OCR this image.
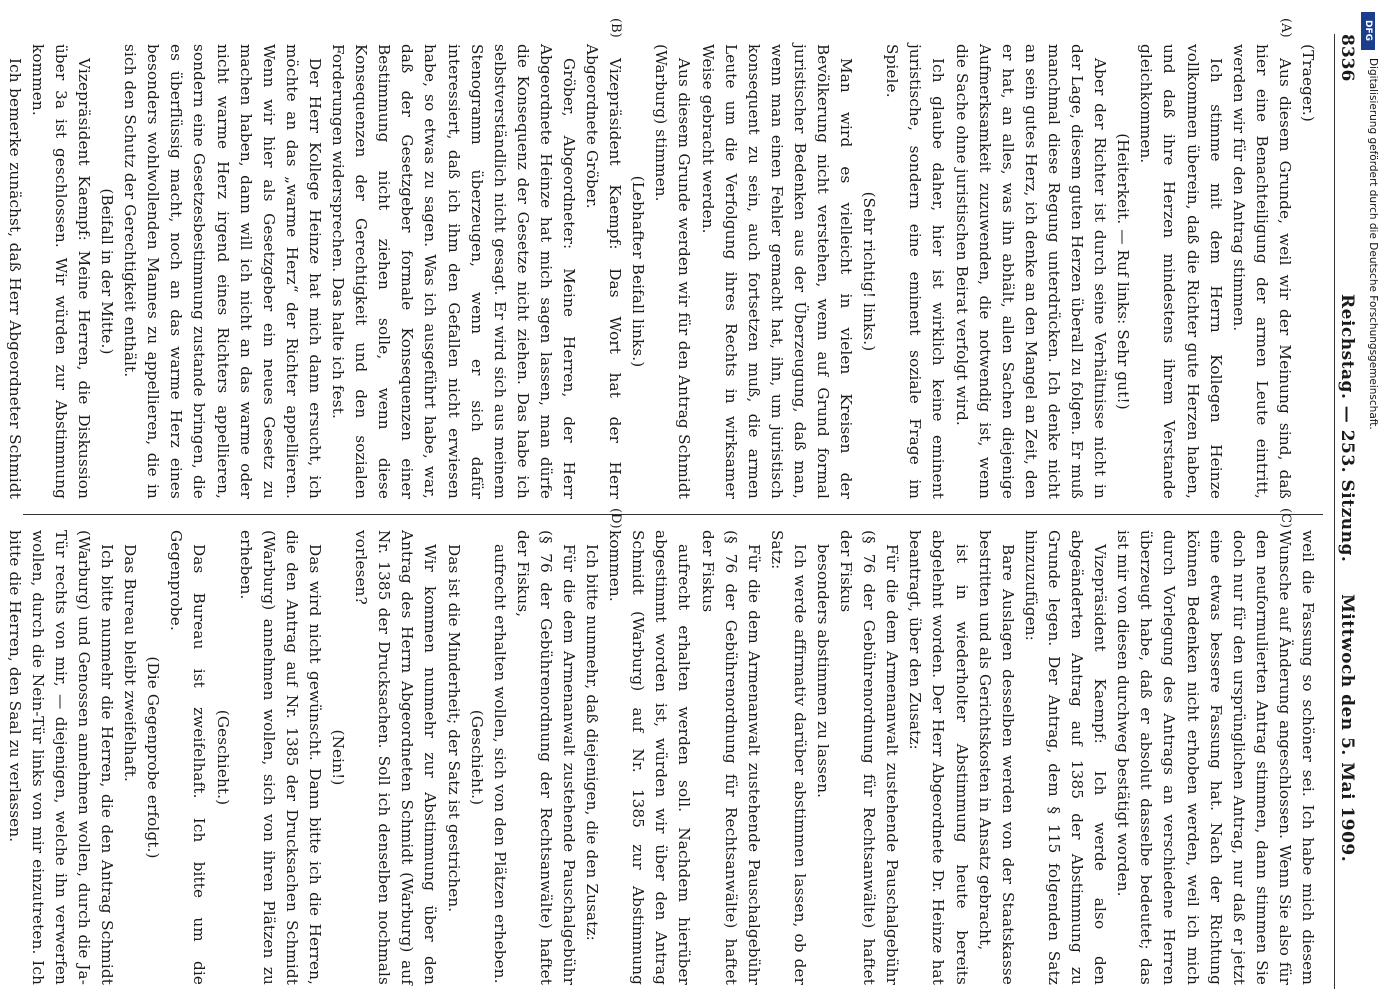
8336
Reichstag. — 253. Sitzung.
Mittwoch den 5. Mai 1909.
(A)
(B)
(C)
(D)

(Traeger.)

Aus diesem Grunde, weil wir der Meinung sind, daß hier eine Benachteiligung der armen Leute eintritt, werden wir für den Antrag stimmen.

Ich stimme mit dem Herrn Kollegen Heinze vollkommen überein, daß die Richter gute Herzen haben, und daß ihre Herzen mindestens ihrem Verstande gleichkommen.

(Heiterkeit. — Ruf links: Sehr gut!)

Aber der Richter ist durch seine Verhältnisse nicht in der Lage, diesem guten Herzen überall zu folgen. Er muß manchmal diese Regung unterdrücken. Ich denke nicht an sein gutes Herz, ich denke an den Mangel an Zeit, den er hat, an alles, was ihn abhält, allen Sachen diejenige Aufmerksamkeit zuzuwenden, die notwendig ist, wenn die Sache ohne juristischen Beirat verfolgt wird.

Ich glaube daher, hier ist wirklich keine eminent juristische, sondern eine eminent soziale Frage im Spiele.

(Sehr richtig! links.)

Man wird es vielleicht in vielen Kreisen der Bevölkerung nicht verstehen, wenn auf Grund formal juristischer Bedenken aus der Überzeugung, daß man, wenn man einen Fehler gemacht hat, ihn, um juristisch konsequent zu sein, auch fortsetzen muß, die armen Leute um die Verfolgung ihres Rechts in wirksamer Weise gebracht werden.

Aus diesem Grunde werden wir für den Antrag Schmidt (Warburg) stimmen.

(Lebhafter Beifall links.)

Vizepräsident Kaempf: Das Wort hat der Herr Abgeordnete Gröber.

Gröber, Abgeordneter: Meine Herren, der Herr Abgeordnete Heinze hat mich sagen lassen, man dürfe die Konsequenz der Gesetze nicht ziehen. Das habe ich selbstverständlich nicht gesagt. Er wird sich aus meinem Stenogramm überzeugen, wenn er sich dafür interessiert, daß ich ihm den Gefallen nicht erwiesen habe, so etwas zu sagen. Was ich ausgeführt habe, war, daß der Gesetzgeber formale Konsequenzen einer Bestimmung nicht ziehen solle, wenn diese Konsequenzen der Gerechtigkeit und den sozialen Forderungen widersprechen. Das halte ich fest.

Der Herr Kollege Heinze hat mich dann ersucht, ich möchte an das „warme Herz“ der Richter appellieren. Wenn wir hier als Gesetzgeber ein neues Gesetz zu machen haben, dann will ich nicht an das warme oder nicht warme Herz irgend eines Richters appellieren, sondern eine Gesetzesbestimmung zustande bringen, die es überflüssig macht, noch an das warme Herz eines besonders wohlwollenden Mannes zu appellieren, die in sich den Schutz der Gerechtigkeit enthält.

(Beifall in der Mitte.)

Vizepräsident Kaempf: Meine Herren, die Diskussion über 3a ist geschlossen. Wir würden zur Abstimmung kommen.

Ich bemerke zunächst, daß Herr Abgeordneter Schmidt

weil die Fassung so schöner sei. Ich habe mich diesem Wunsche auf Änderung angeschlossen. Wenn Sie also für den neuformulierten Antrag stimmen, dann stimmen Sie doch nur für den ursprünglichen Antrag, nur daß er jetzt eine etwas bessere Fassung hat. Nach der Richtung können Bedenken nicht erhoben werden, weil ich mich durch Vorlegung des Antrags an verschiedene Herren überzeugt habe, daß er absolut dasselbe bedeutet; das ist mir von diesen durchweg bestätigt worden.

Vizepräsident Kaempf: Ich werde also den abgeänderten Antrag auf 1385 der Abstimmung zu Grunde legen. Der Antrag, dem § 115 folgenden Satz hinzuzufügen:

Bare Auslagen desselben werden von der Staatskasse bestritten und als Gerichtskosten in Ansatz gebracht,

ist in wiederholter Abstimmung heute bereits abgelehnt worden. Der Herr Abgeordnete Dr. Heinze hat beantragt, über den Zusatz:

Für die dem Armenanwalt zustehende Pauschalgebühr (§ 76 der Gebührenordnung für Rechtsanwälte) haftet der Fiskus

besonders abstimmen zu lassen.

Ich werde affirmativ darüber abstimmen lassen, ob der Satz:

Für die dem Armenanwalt zustehende Pauschalgebühr (§ 76 der Gebührenordnung für Rechtsanwälte) haftet der Fiskus

aufrecht erhalten werden soll. Nachdem hierüber abgestimmt worden ist, würden wir über den Antrag Schmidt (Warburg) auf Nr. 1385 zur Abstimmung kommen.

Ich bitte nunmehr, daß diejenigen, die den Zusatz:

Für die dem Armenanwalt zustehende Pauschalgebühr (§ 76 der Gebührenordnung der Rechtsanwälte) haftet der Fiskus,

aufrecht erhalten wollen, sich von den Plätzen erheben.

(Geschieht.)

Das ist die Minderheit; der Satz ist gestrichen.

Wir kommen nunmehr zur Abstimmung über den Antrag des Herrn Abgeordneten Schmidt (Warburg) auf Nr. 1385 der Drucksachen. Soll ich denselben nochmals vorlesen?

(Nein!)

Das wird nicht gewünscht. Dann bitte ich die Herren, die den Antrag auf Nr. 1385 der Drucksachen Schmidt (Warburg) annehmen wollen, sich von ihren Plätzen zu erheben.

(Geschieht.)

Das Bureau ist zweifelhaft. Ich bitte um die Gegenprobe.

(Die Gegenprobe erfolgt.)

Das Bureau bleibt zweifelhaft.

Ich bitte nunmehr die Herren, die den Antrag Schmidt (Warburg) und Genossen annehmen wollen, durch die Ja-Tür rechts von mir, — diejenigen, welche ihn verwerfen wollen, durch die Nein-Tür links von mir einzutreten. Ich bitte die Herren, den Saal zu verlassen.

DFG
Digitalisierung gefördert durch die Deutsche Forschungsgemeinschaft.
